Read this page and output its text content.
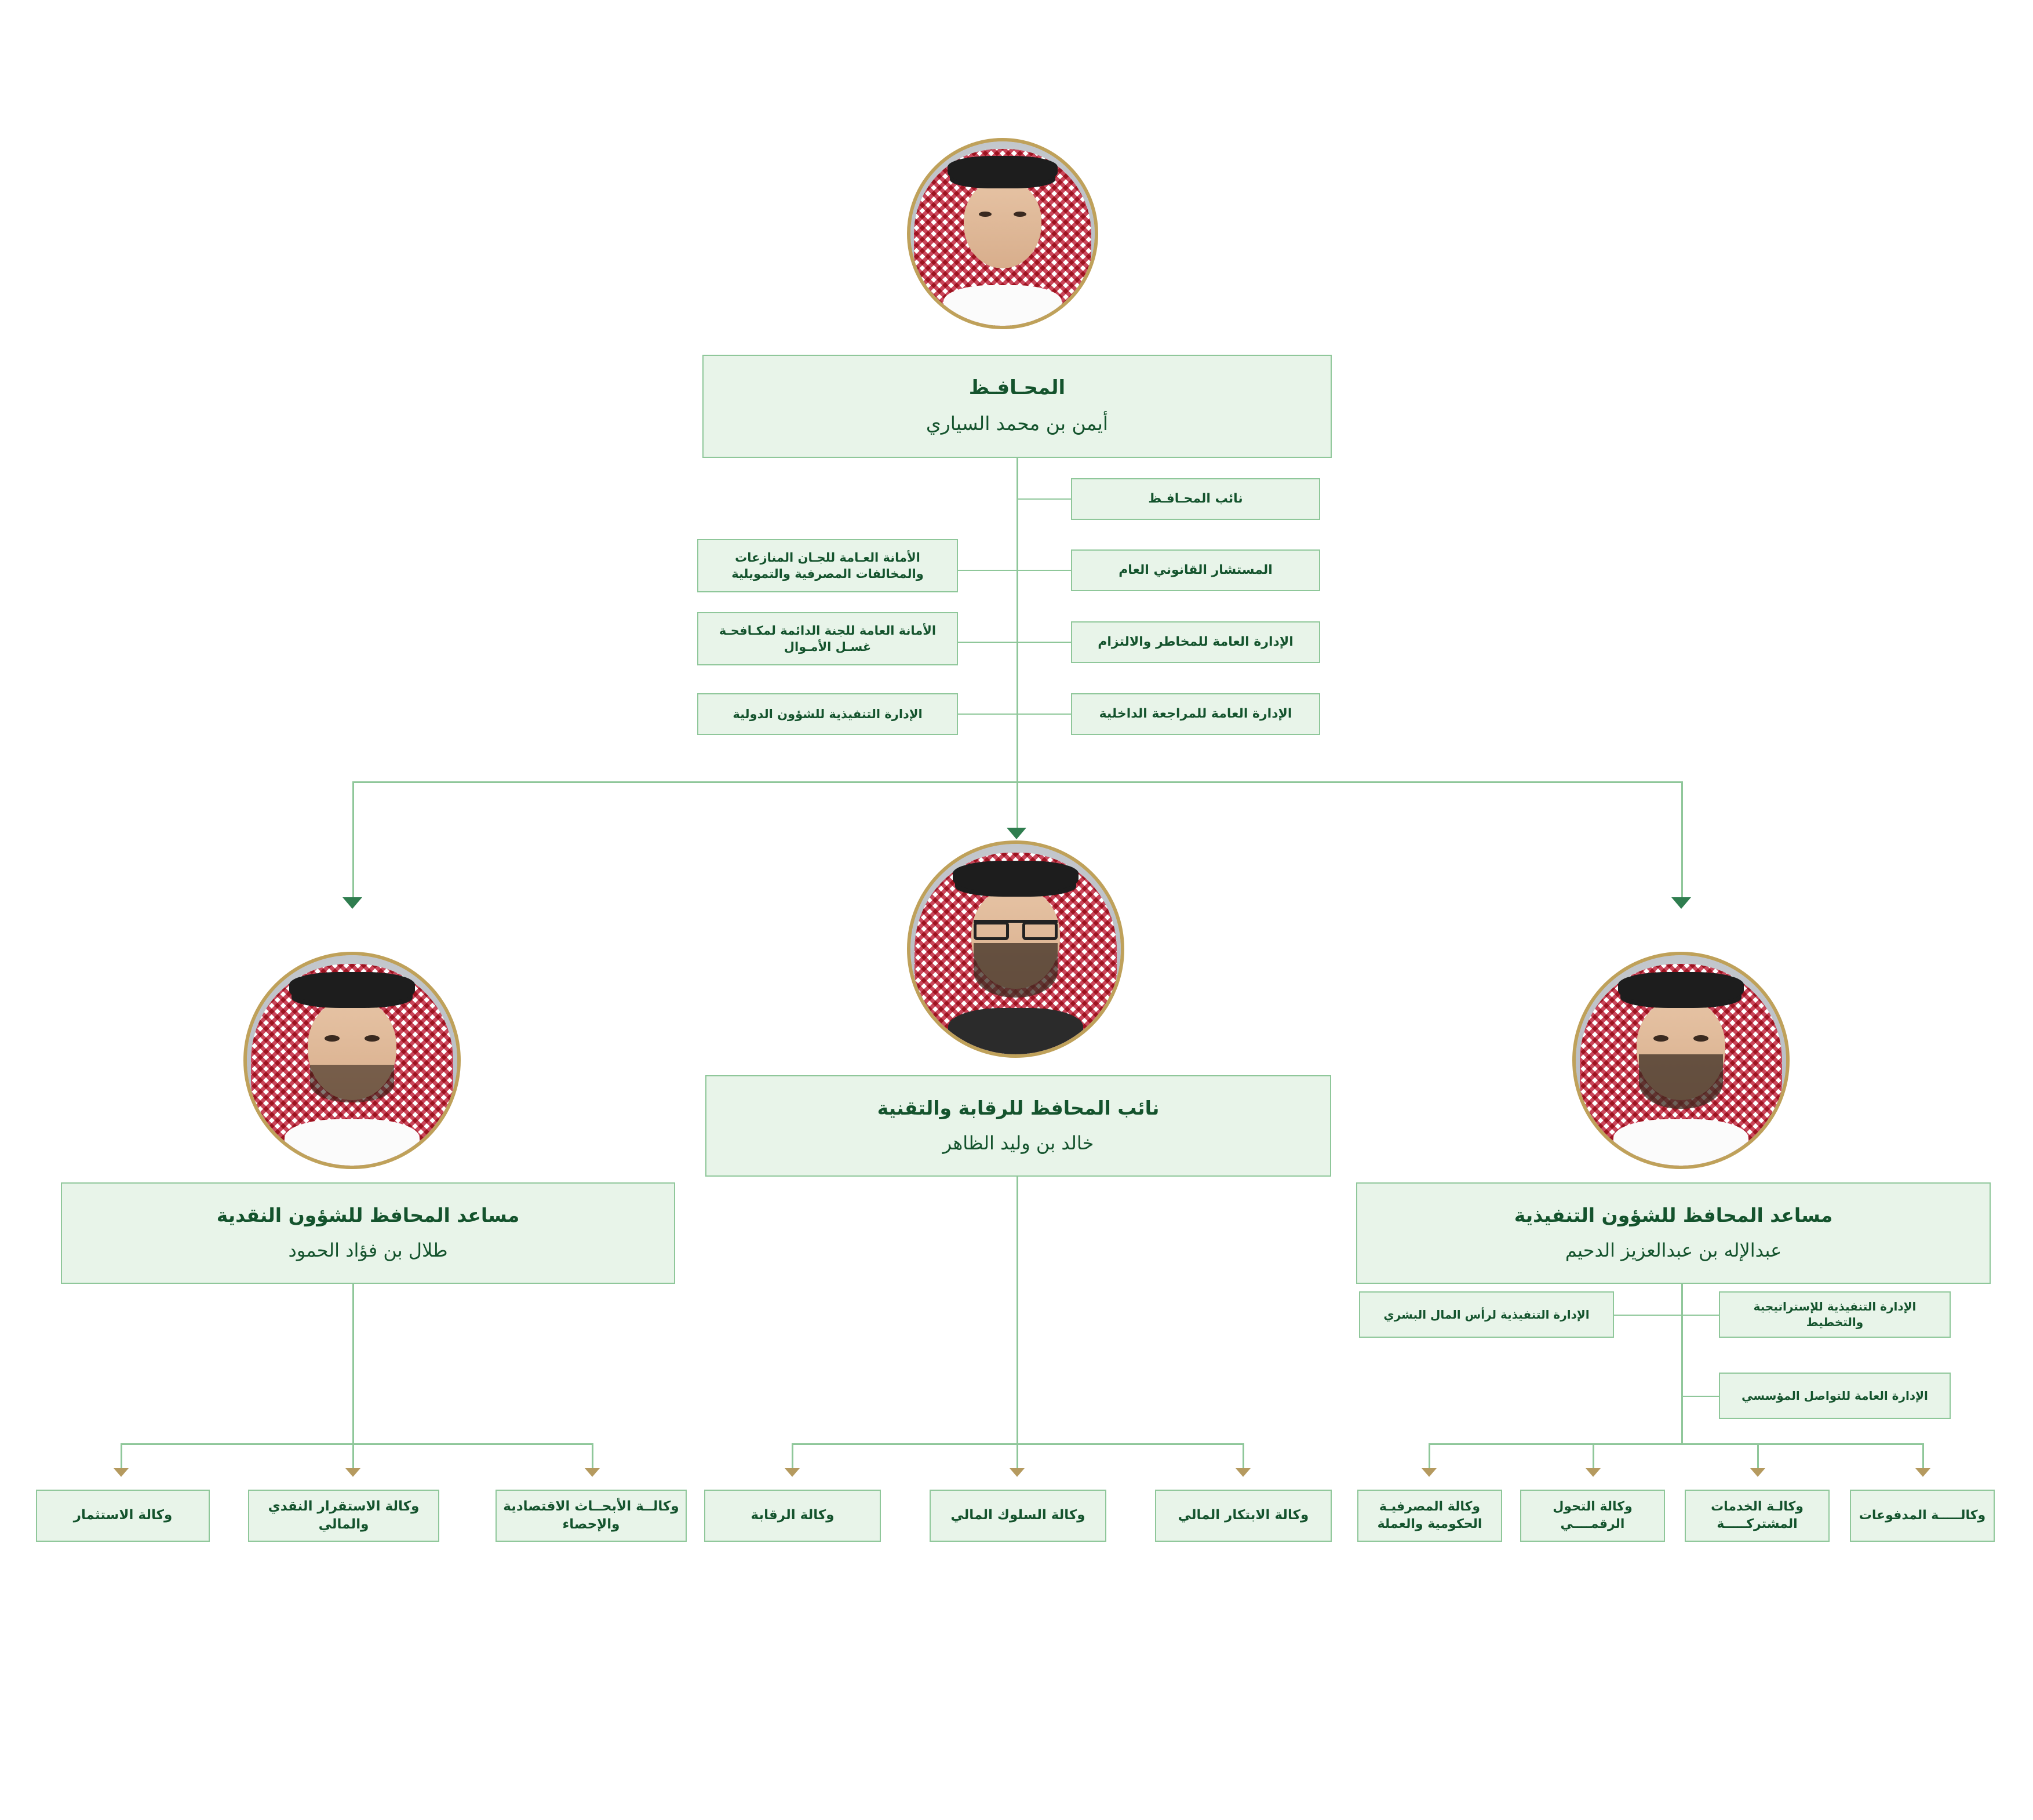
المحـافـظ
أيمن بن محمد السياري
نائب المحـافـظ
المستشار القانوني العام
الإدارة العامة للمخاطر والالتزام
الإدارة العامة للمراجعة الداخلية
الأمانة العـامة للجـان المنازعات والمخالفات المصرفية والتمويلية
الأمانة العامة للجنة الدائمة لمكـافحـة غسـل الأمـوال
الإدارة التنفيذية للشؤون الدولية
نائب المحافظ للرقابة والتقنية
خالد بن وليد الظاهر
وكالة الرقابة	وكالة السلوك المالي	وكالة الابتكار المالي
مساعد المحافظ للشؤون النقدية
طلال بن فؤاد الحمود
وكالة الاستثمار
وكالة الاستقرار النقدي والمالي
وكالــة الأبحــاث الاقتصادية والإحصاء
مساعد المحافظ للشؤون التنفيذية
عبدالإله بن عبدالعزيز الدحيم
الإدارة التنفيذية للإستراتيجية والتخطيط
الإدارة العامة للتواصل المؤسسي
الإدارة التنفيذية لرأس المال البشري
وكالة المصرفيـة الحكومية والعملة
وكالة التحول الرقمــــي
وكالـة الخدمات المشتركـــــة
وكالـــــة المدفوعات
